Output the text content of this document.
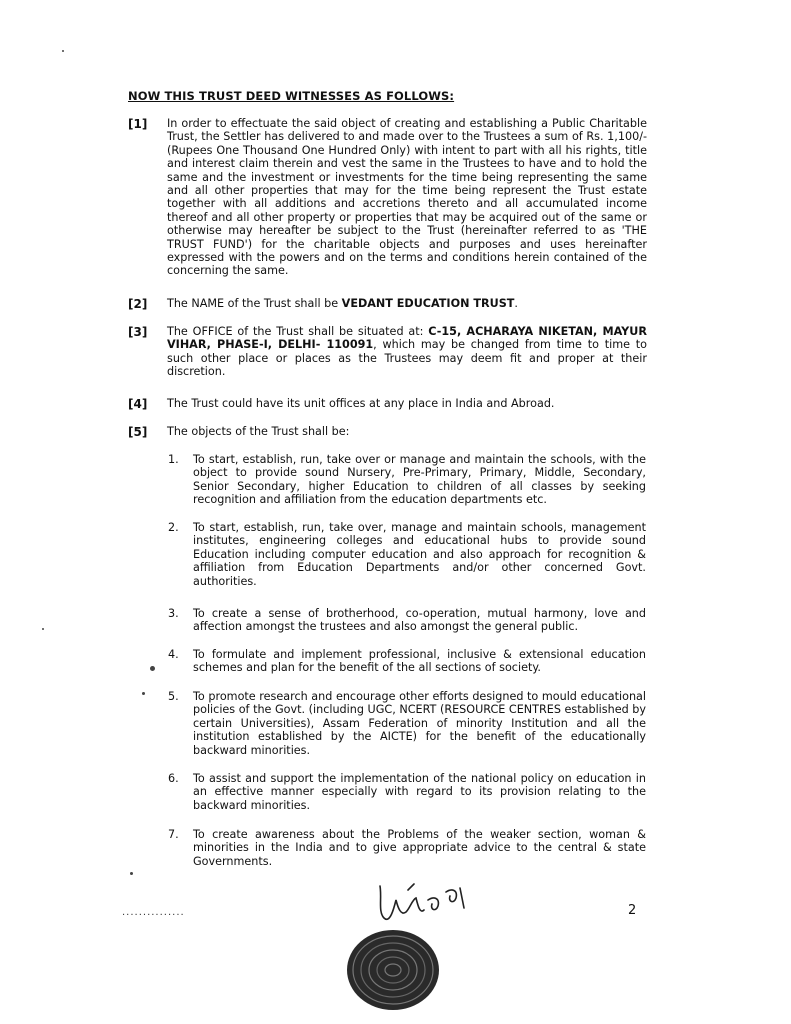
NOW THIS TRUST DEED WITNESSES AS FOLLOWS:
[1] In order to effectuate the said object of creating and establishing a Public Charitable Trust, the Settler has delivered to and made over to the Trustees a sum of Rs. 1,100/-(Rupees One Thousand One Hundred Only) with intent to part with all his rights, title and interest claim therein and vest the same in the Trustees to have and to hold the same and the investment or investments for the time being representing the same and all other properties that may for the time being represent the Trust estate together with all additions and accretions thereto and all accumulated income thereof and all other property or properties that may be acquired out of the same or otherwise may hereafter be subject to the Trust (hereinafter referred to as 'THE TRUST FUND') for the charitable objects and purposes and uses hereinafter expressed with the powers and on the terms and conditions herein contained of the concerning the same.
[2] The NAME of the Trust shall be VEDANT EDUCATION TRUST.
[3] The OFFICE of the Trust shall be situated at: C-15, ACHARAYA NIKETAN, MAYUR VIHAR, PHASE-I, DELHI- 110091, which may be changed from time to time to such other place or places as the Trustees may deem fit and proper at their discretion.
[4] The Trust could have its unit offices at any place in India and Abroad.
[5] The objects of the Trust shall be:
1. To start, establish, run, take over or manage and maintain the schools, with the object to provide sound Nursery, Pre-Primary, Primary, Middle, Secondary, Senior Secondary, higher Education to children of all classes by seeking recognition and affiliation from the education departments etc.
2. To start, establish, run, take over, manage and maintain schools, management institutes, engineering colleges and educational hubs to provide sound Education including computer education and also approach for recognition & affiliation from Education Departments and/or other concerned Govt. authorities.
3. To create a sense of brotherhood, co-operation, mutual harmony, love and affection amongst the trustees and also amongst the general public.
4. To formulate and implement professional, inclusive & extensional education schemes and plan for the benefit of the all sections of society.
5. To promote research and encourage other efforts designed to mould educational policies of the Govt. (including UGC, NCERT (RESOURCE CENTRES established by certain Universities), Assam Federation of minority Institution and all the institution established by the AICTE) for the benefit of the educationally backward minorities.
6. To assist and support the implementation of the national policy on education in an effective manner especially with regard to its provision relating to the backward minorities.
7. To create awareness about the Problems of the weaker section, woman & minorities in the India and to give appropriate advice to the central & state Governments.
...............	2
